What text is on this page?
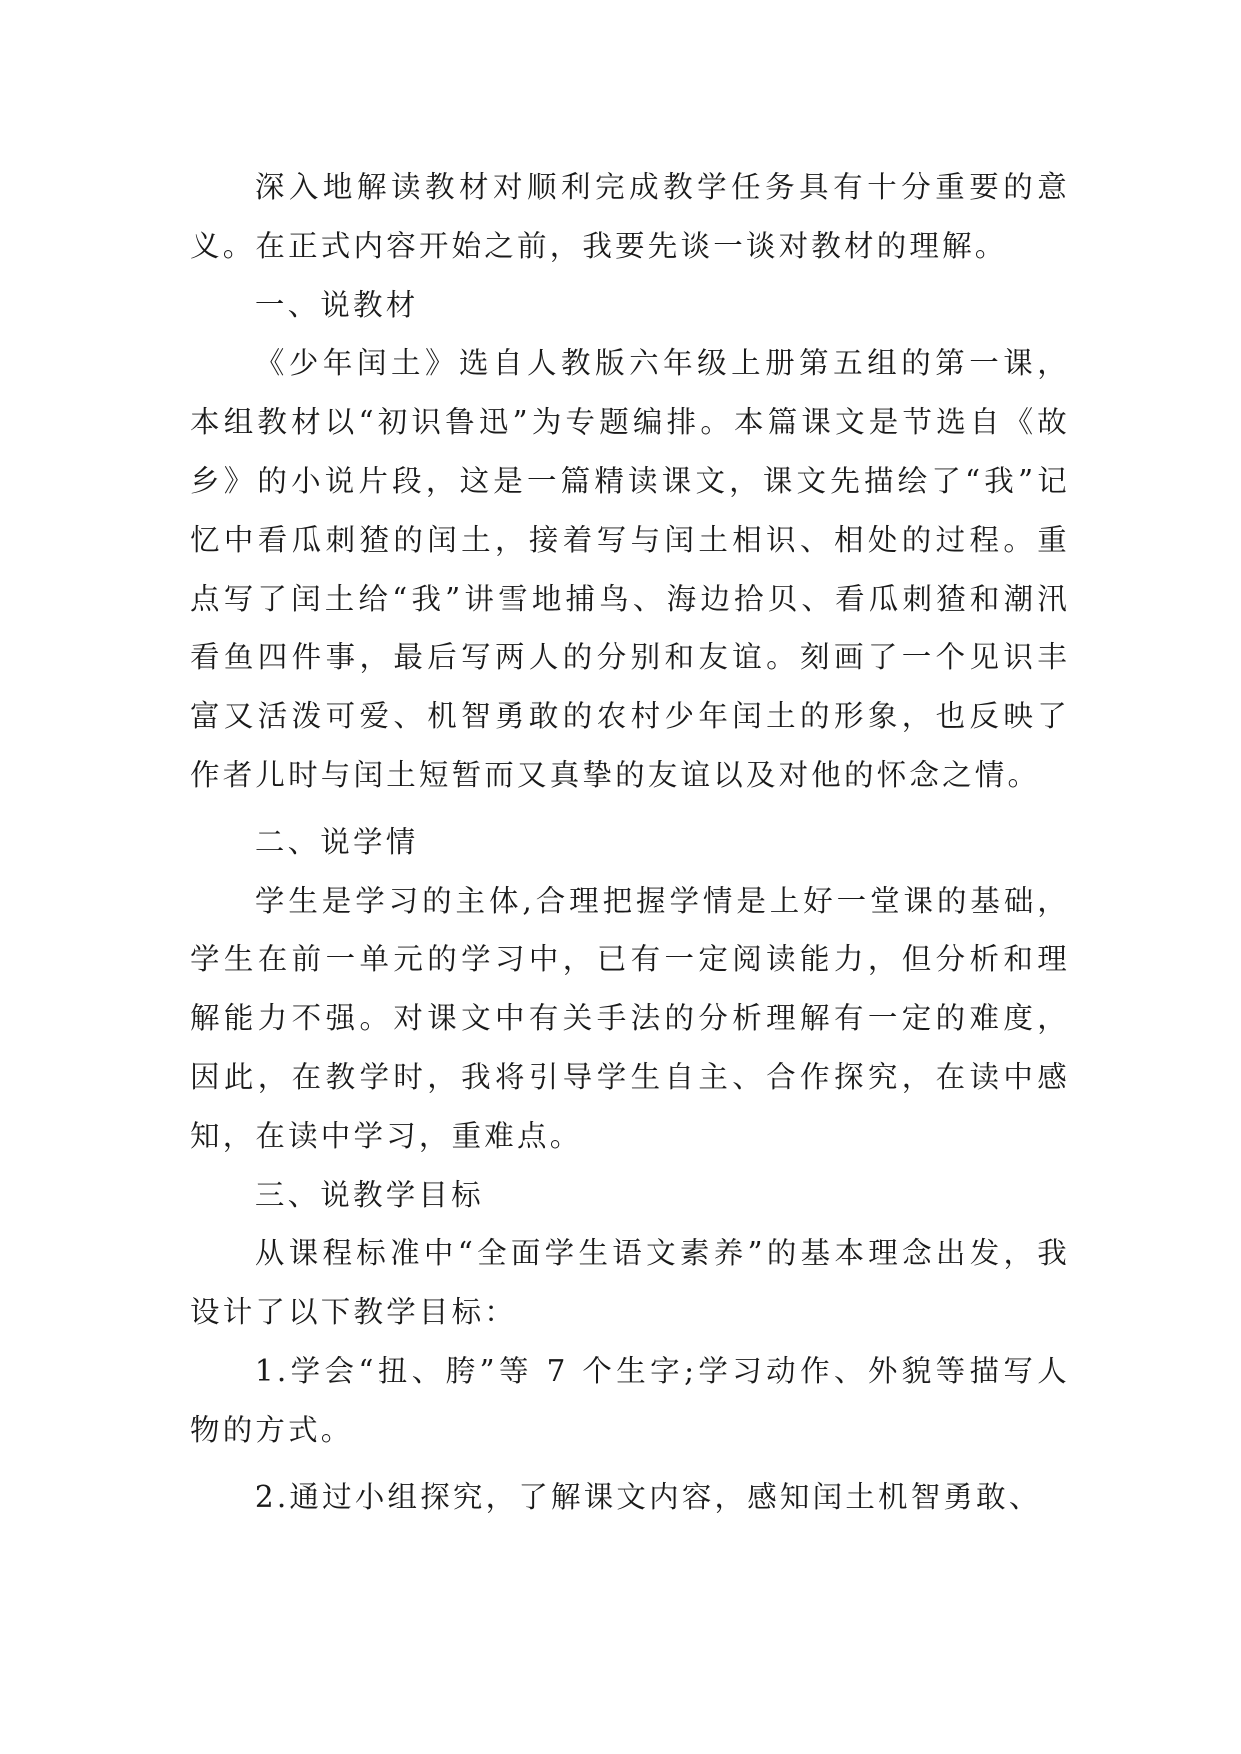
深入地解读教材对顺利完成教学任务具有十分重要的意义。在正式内容开始之前，我要先谈一谈对教材的理解。

一、说教材

《少年闰土》选自人教版六年级上册第五组的第一课，本组教材以“初识鲁迅”为专题编排。本篇课文是节选自《故乡》的小说片段，这是一篇精读课文，课文先描绘了“我”记忆中看瓜刺猹的闰土，接着写与闰土相识、相处的过程。重点写了闰土给“我”讲雪地捕鸟、海边拾贝、看瓜刺猹和潮汛看鱼四件事，最后写两人的分别和友谊。刻画了一个见识丰富又活泼可爱、机智勇敢的农村少年闰土的形象，也反映了作者儿时与闰土短暂而又真挚的友谊以及对他的怀念之情。

二、说学情

学生是学习的主体,合理把握学情是上好一堂课的基础，学生在前一单元的学习中，已有一定阅读能力，但分析和理解能力不强。对课文中有关手法的分析理解有一定的难度，因此，在教学时，我将引导学生自主、合作探究，在读中感知，在读中学习，重难点。

三、说教学目标

从课程标准中“全面学生语文素养”的基本理念出发，我设计了以下教学目标：

1.学会“扭、胯”等 7 个生字;学习动作、外貌等描写人物的方式。

2.通过小组探究，了解课文内容，感知闰土机智勇敢、
